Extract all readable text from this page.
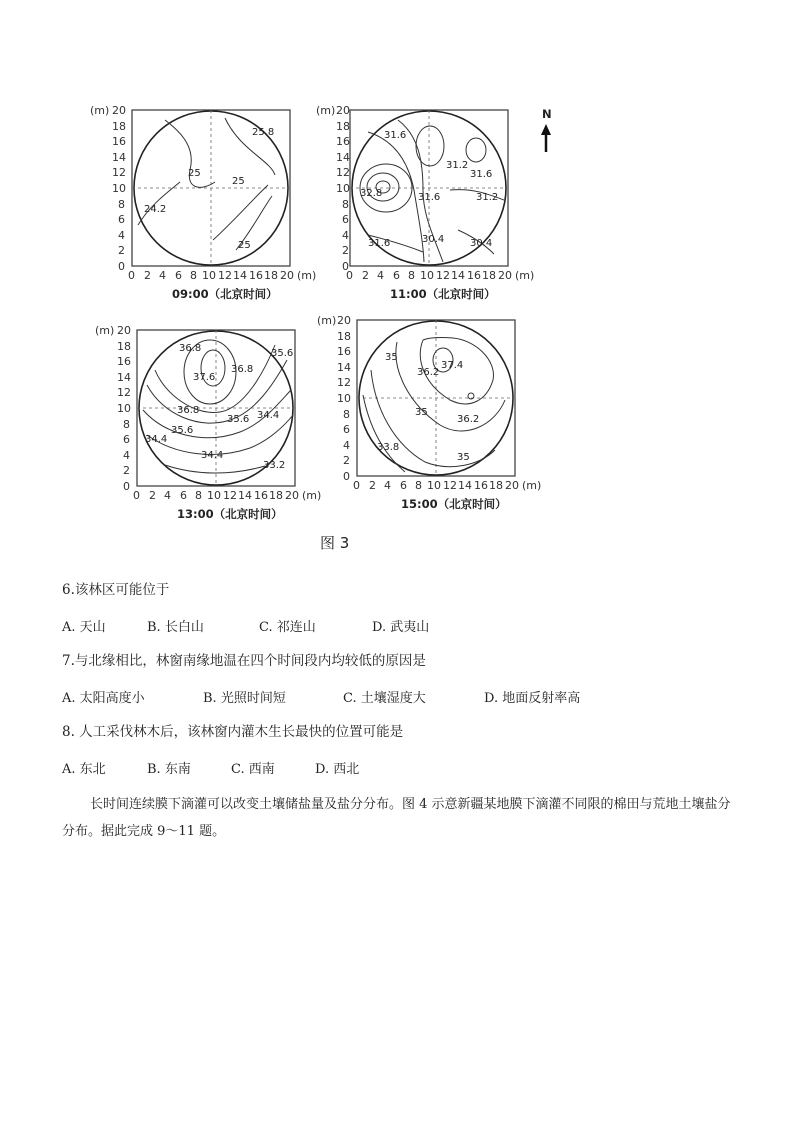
25.8
25
25
24.2
25
(m) 20
18
16
14
12
10
8
6
4
2
0
0 2 4 6 8 10 12 14 16 18 20 (m)
09:00（北京时间）
31.6
31.2
31.6
31.2
32.8	31.6
30.4
31.6	30.4
(m) 20
18
16
14
12
10
8
6
4
2
0
0 2 4 6 8 10 12 14 16 18 20 (m)
11:00（北京时间）
N
36.8	35.6
37.6
36.8
36.8
35.6
35.6
34.4
34.4
34.4
33.2
(m) 20
18
16
14
12
10
8
6
4
2
0
0 2 4 6 8 10 12 14 16 18 20 (m)
13:00（北京时间）
35
37.4
36.2
35
36.2
33.8
35
(m) 20
18
16
14
12
10
8
6
4
2
0
0 2 4 6 8 10 12 14 16 18 20 (m)
15:00（北京时间）
图 3
6.该林区可能位于
A. 天山	B. 长白山	C. 祁连山	D. 武夷山
7.与北缘相比，林窗南缘地温在四个时间段内均较低的原因是
A. 太阳高度小	B. 光照时间短	C. 土壤湿度大	D. 地面反射率高
8. 人工采伐林木后，该林窗内灌木生长最快的位置可能是
A. 东北	B. 东南	C. 西南	D. 西北
长时间连续膜下滴灌可以改变土壤储盐量及盐分分布。图 4 示意新疆某地膜下滴灌不同限的棉田与荒地土壤盐分分布。据此完成 9～11 题。
